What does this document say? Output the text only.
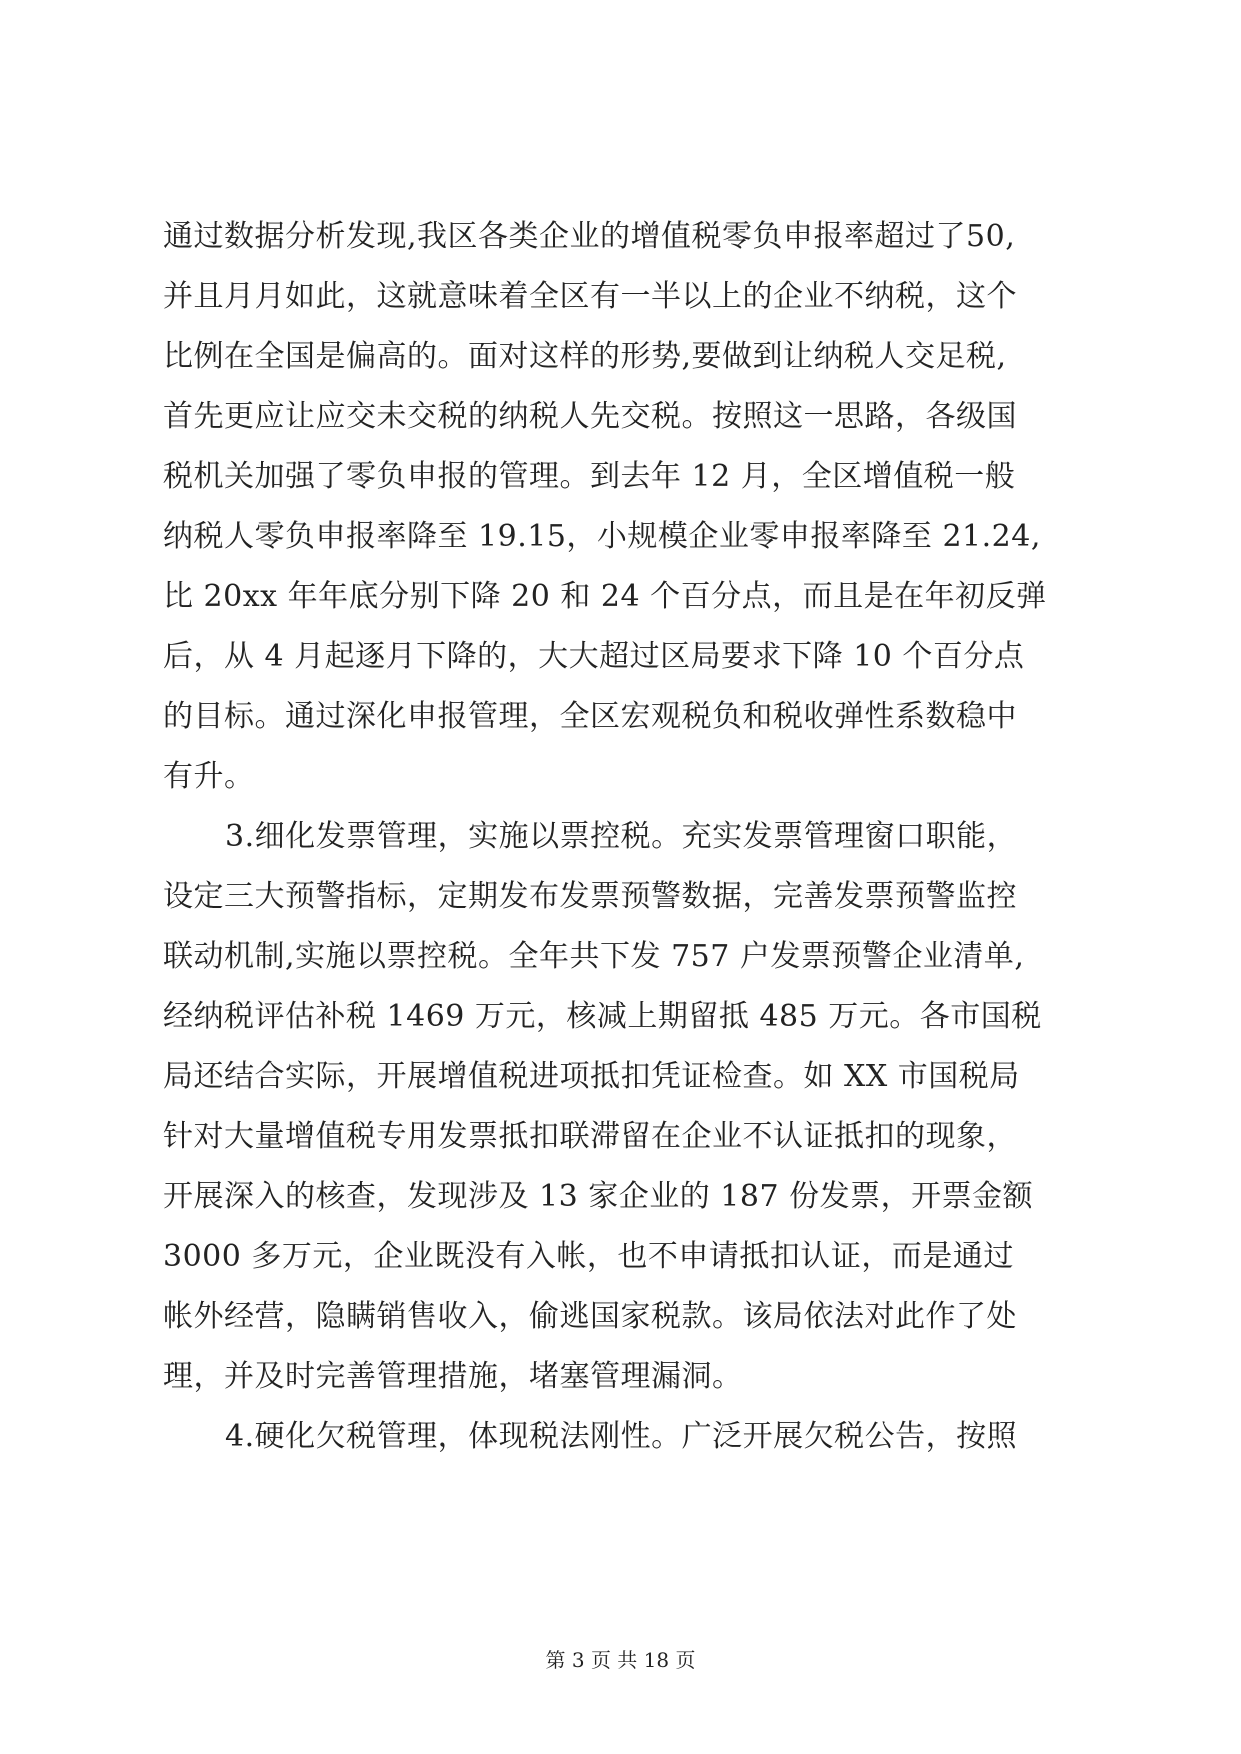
通过数据分析发现,我区各类企业的增值税零负申报率超过了50,
并且月月如此，这就意味着全区有一半以上的企业不纳税，这个
比例在全国是偏高的。面对这样的形势,要做到让纳税人交足税,
首先更应让应交未交税的纳税人先交税。按照这一思路，各级国
税机关加强了零负申报的管理。到去年 12 月，全区增值税一般
纳税人零负申报率降至 19.15，小规模企业零申报率降至 21.24,
比 20xx 年年底分别下降 20 和 24 个百分点，而且是在年初反弹
后，从 4 月起逐月下降的，大大超过区局要求下降 10 个百分点
的目标。通过深化申报管理，全区宏观税负和税收弹性系数稳中
有升。
3.细化发票管理，实施以票控税。充实发票管理窗口职能，
设定三大预警指标，定期发布发票预警数据，完善发票预警监控
联动机制,实施以票控税。全年共下发 757 户发票预警企业清单,
经纳税评估补税 1469 万元，核减上期留抵 485 万元。各市国税
局还结合实际，开展增值税进项抵扣凭证检查。如 XX 市国税局
针对大量增值税专用发票抵扣联滞留在企业不认证抵扣的现象，
开展深入的核查，发现涉及 13 家企业的 187 份发票，开票金额
3000 多万元，企业既没有入帐，也不申请抵扣认证，而是通过
帐外经营，隐瞒销售收入，偷逃国家税款。该局依法对此作了处
理，并及时完善管理措施，堵塞管理漏洞。
4.硬化欠税管理，体现税法刚性。广泛开展欠税公告，按照
第 3 页 共 18 页
